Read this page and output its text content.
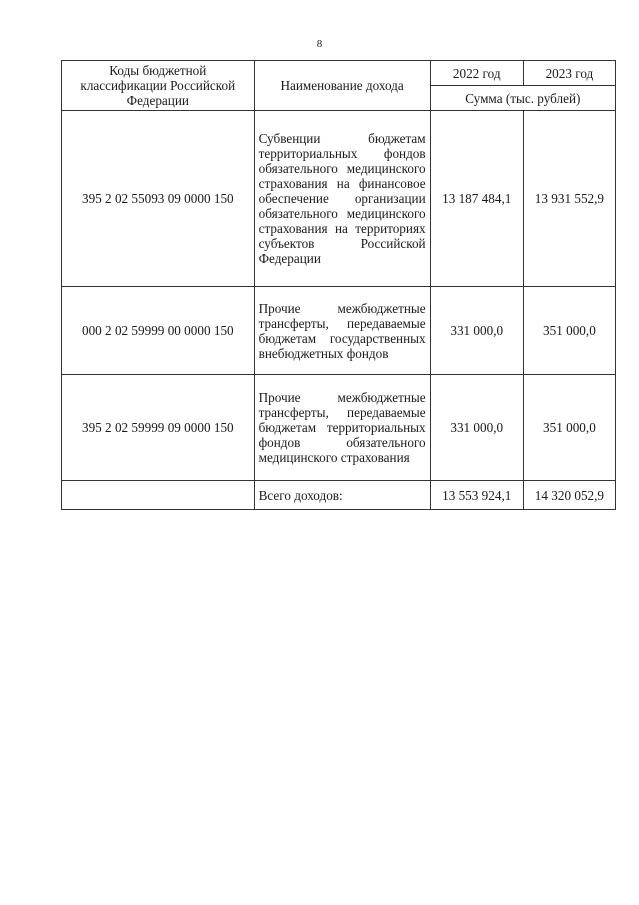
8
Коды бюджетной классификации Российской Федерации	Наименование дохода	2022 год	2023 год
		Сумма (тыс. рублей)	
395 2 02 55093 09 0000 150	Субвенции бюджетам территориальных фондов обязательного медицинского страхования на финансовое обеспечение организации обязательного медицинского страхования на территориях субъектов Российской Федерации	13 187 484,1	13 931 552,9
000 2 02 59999 00 0000 150	Прочие межбюджетные трансферты, передаваемые бюджетам государственных внебюджетных фондов	331 000,0	351 000,0
395 2 02 59999 09 0000 150	Прочие межбюджетные трансферты, передаваемые бюджетам территориальных фондов обязательного медицинского страхования	331 000,0	351 000,0
	Всего доходов:	13 553 924,1	14 320 052,9
